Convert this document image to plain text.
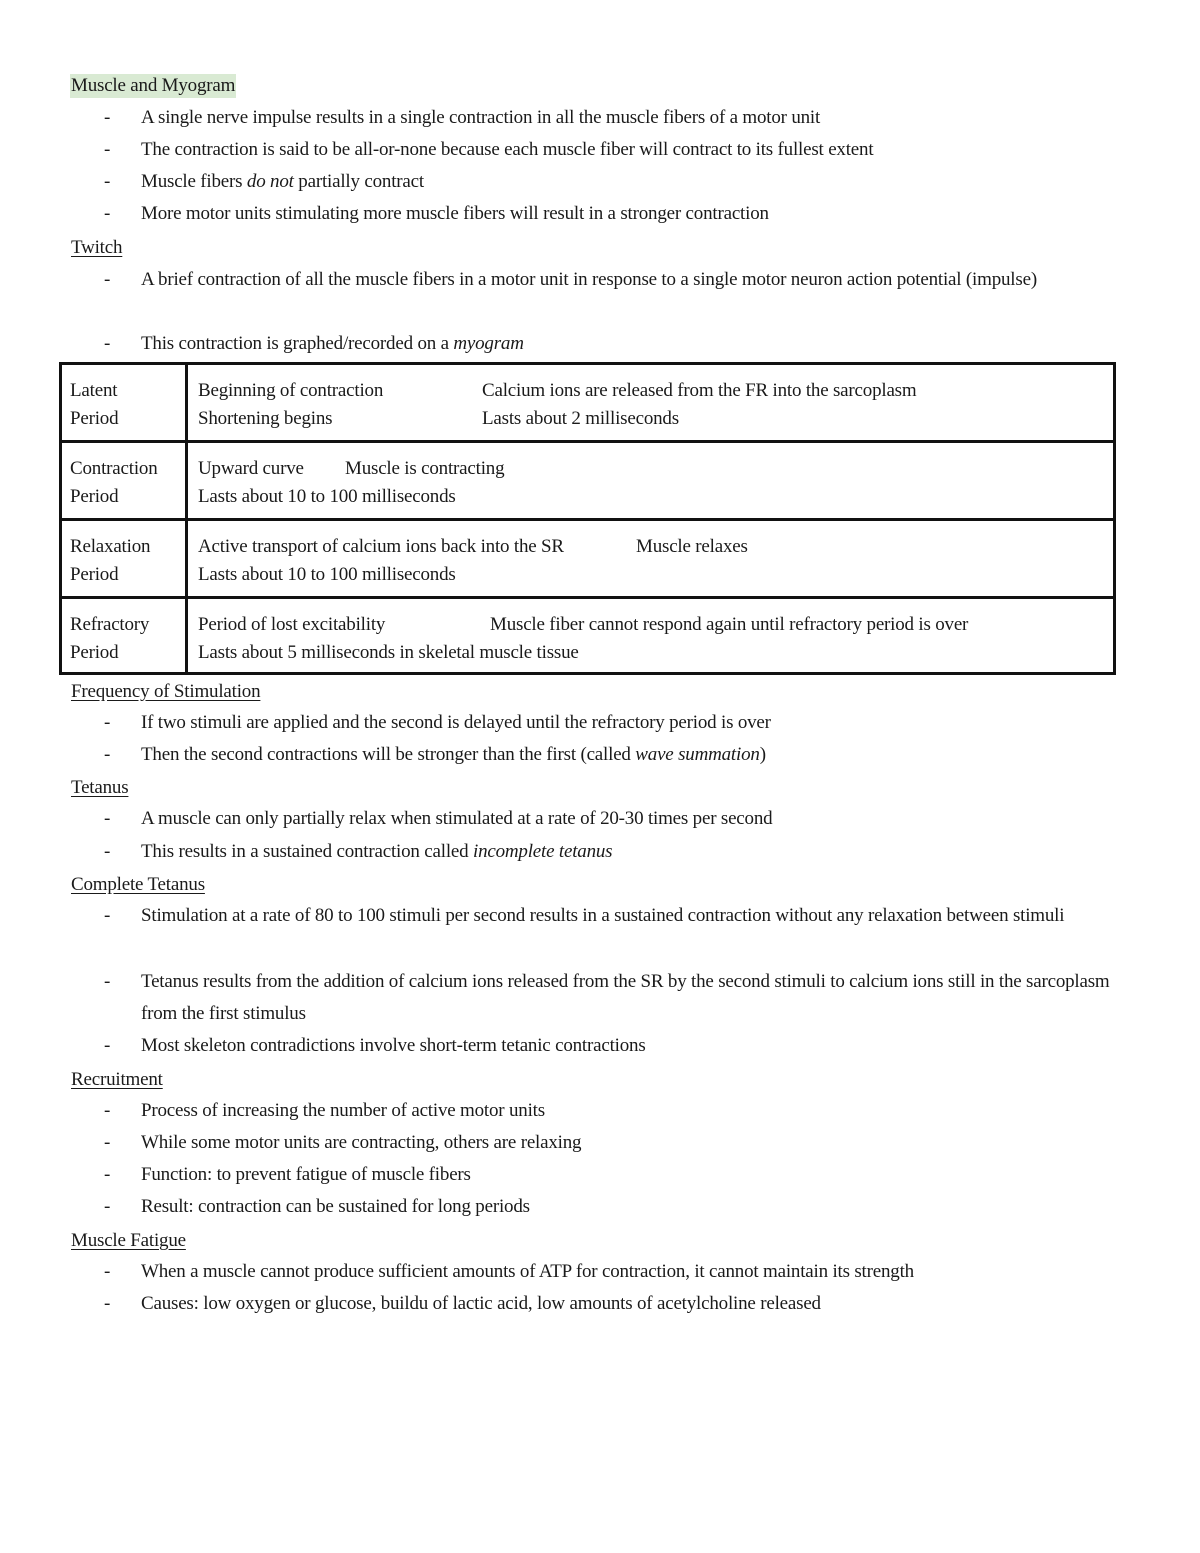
Muscle and Myogram
- A single nerve impulse results in a single contraction in all the muscle fibers of a motor unit
- The contraction is said to be all-or-none because each muscle fiber will contract to its fullest extent
- Muscle fibers do not partially contract
- More motor units stimulating more muscle fibers will result in a stronger contraction
Twitch
- A brief contraction of all the muscle fibers in a motor unit in response to a single motor neuron action potential (impulse)
- This contraction is graphed/recorded on a myogram
Latent
Period
Beginning of contraction	Calcium ions are released from the FR into the sarcoplasm
Shortening begins	Lasts about 2 milliseconds
Contraction
Period
Upward curve Muscle is contracting
Lasts about 10 to 100 milliseconds
Relaxation
Period
Active transport of calcium ions back into the SR	Muscle relaxes
Lasts about 10 to 100 milliseconds
Refractory
Period
Period of lost excitability	Muscle fiber cannot respond again until refractory period is over
Lasts about 5 milliseconds in skeletal muscle tissue
Frequency of Stimulation
- If two stimuli are applied and the second is delayed until the refractory period is over
- Then the second contractions will be stronger than the first (called wave summation)
Tetanus
- A muscle can only partially relax when stimulated at a rate of 20-30 times per second
- This results in a sustained contraction called incomplete tetanus
Complete Tetanus
- Stimulation at a rate of 80 to 100 stimuli per second results in a sustained contraction without any relaxation between stimuli
- Tetanus results from the addition of calcium ions released from the SR by the second stimuli to calcium ions still in the sarcoplasm from the first stimulus
- Most skeleton contradictions involve short-term tetanic contractions
Recruitment
- Process of increasing the number of active motor units
- While some motor units are contracting, others are relaxing
- Function: to prevent fatigue of muscle fibers
- Result: contraction can be sustained for long periods
Muscle Fatigue
- When a muscle cannot produce sufficient amounts of ATP for contraction, it cannot maintain its strength
- Causes: low oxygen or glucose, buildu of lactic acid, low amounts of acetylcholine released
